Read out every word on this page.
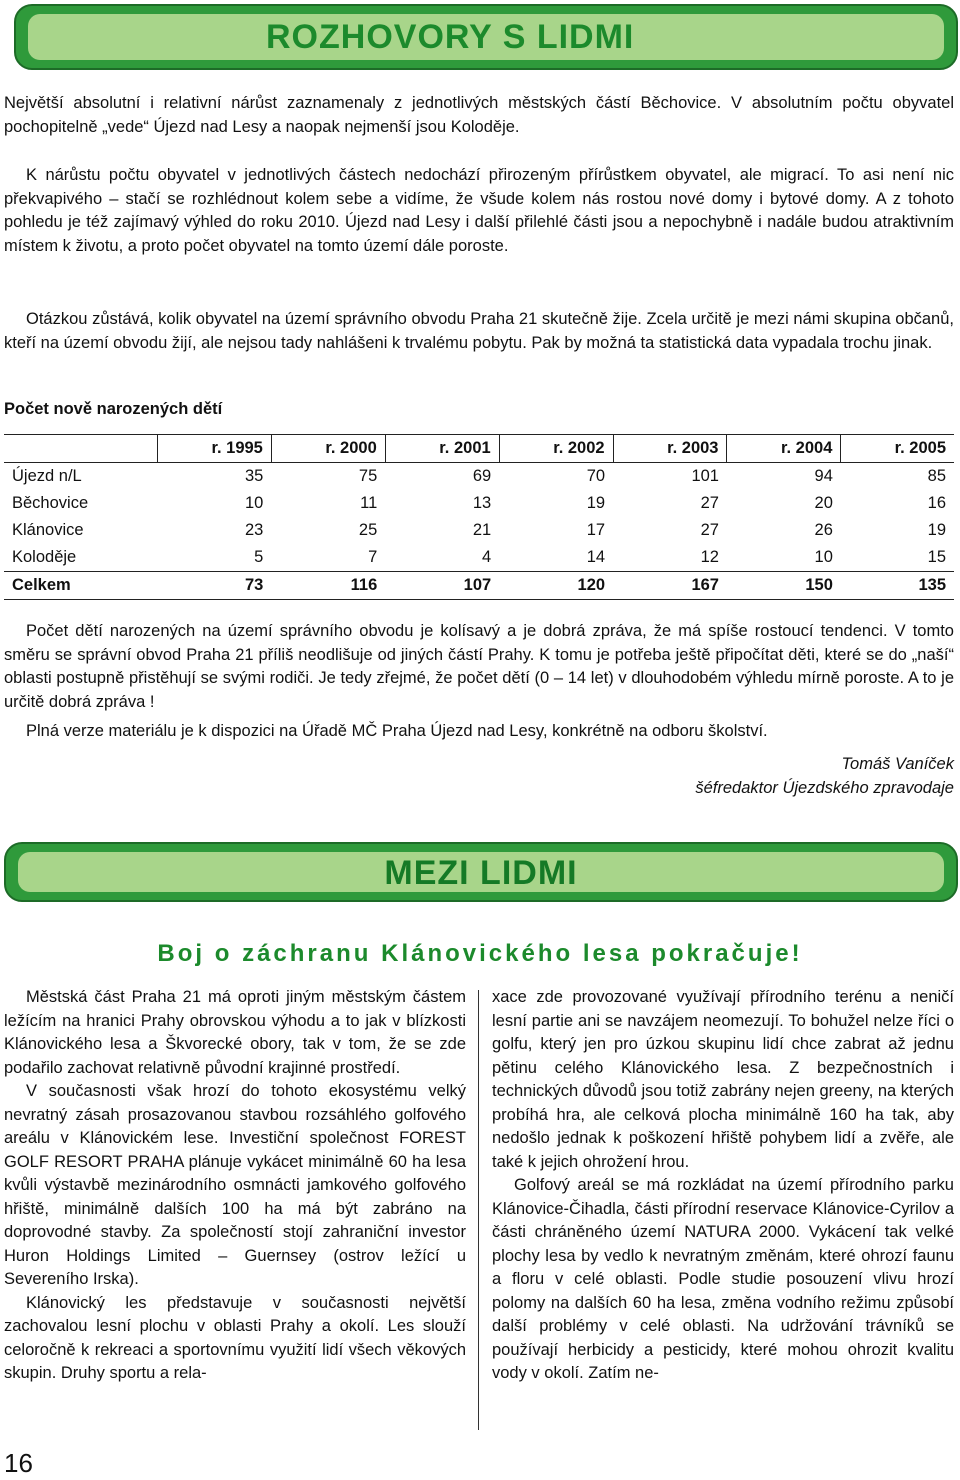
ROZHOVORY S LIDMI
Největší absolutní i relativní nárůst zaznamenaly z jednotlivých městských částí Běchovice. V absolutním počtu obyvatel pochopitelně „vede“ Újezd nad Lesy a naopak nejmenší jsou Koloděje.
K nárůstu počtu obyvatel v jednotlivých částech nedochází přirozeným přírůstkem obyvatel, ale migrací. To asi není nic překvapivého – stačí se rozhlédnout kolem sebe a vidíme, že všude kolem nás rostou nové domy i bytové domy. A z tohoto pohledu je též zajímavý výhled do roku 2010. Újezd nad Lesy i další přilehlé části jsou a nepochybně i nadále budou atraktivním místem k životu, a proto počet obyvatel na tomto území dále poroste.
Otázkou zůstává, kolik obyvatel na území správního obvodu Praha 21 skutečně žije. Zcela určitě je mezi námi skupina občanů, kteří na území obvodu žijí, ale nejsou tady nahlášeni k trvalému pobytu. Pak by možná ta statistická data vypadala trochu jinak.
Počet nově narozených dětí
	r. 1995	r. 2000	r. 2001	r. 2002	r. 2003	r. 2004	r. 2005
Újezd n/L	35	75	69	70	101	94	85
Běchovice	10	11	13	19	27	20	16
Klánovice	23	25	21	17	27	26	19
Koloděje	5	7	4	14	12	10	15
Celkem	73	116	107	120	167	150	135
Počet dětí narozených na území správního obvodu je kolísavý a je dobrá zpráva, že má spíše rostoucí tendenci. V tomto směru se správní obvod Praha 21 příliš neodlišuje od jiných částí Prahy. K tomu je potřeba ještě připočítat děti, které se do „naší“ oblasti postupně přistěhují se svými rodiči. Je tedy zřejmé, že počet dětí (0 – 14 let) v dlouhodobém výhledu mírně poroste. A to je určitě dobrá zpráva !
Plná verze materiálu je k dispozici na Úřadě MČ Praha Újezd nad Lesy, konkrétně na odboru školství.
Tomáš Vaníček
šéfredaktor Újezdského zpravodaje
MEZI LIDMI
Boj o záchranu Klánovického lesa pokračuje!

Městská část Praha 21 má oproti jiným městským částem ležícím na hranici Prahy obrovskou výhodu a to jak v blízkosti Klánovického lesa a Škvorecké obory, tak v tom, že se zde podařilo zachovat relativně původní krajinné prostředí.

V současnosti však hrozí do tohoto ekosystému velký nevratný zásah prosazovanou stavbou rozsáhlého golfového areálu v Klánovickém lese. Investiční společnost FOREST GOLF RESORT PRAHA plánuje vykácet minimálně 60 ha lesa kvůli výstavbě mezinárodního osmnácti jamkového golfového hřiště, minimálně dalších 100 ha má být zabráno na doprovodné stavby. Za společností stojí zahraniční investor Huron Holdings Limited – Guernsey (ostrov ležící u Severeního Irska).

Klánovický les představuje v současnosti největší zachovalou lesní plochu v oblasti Prahy a okolí. Les slouží celoročně k rekreaci a sportovnímu využití lidí všech věkových skupin. Druhy sportu a rela-

xace zde provozované využívají přírodního terénu a neničí lesní partie ani se navzájem neomezují. To bohužel nelze říci o golfu, který jen pro úzkou skupinu lidí chce zabrat až jednu pětinu celého Klánovického lesa. Z bezpečnostních i technických důvodů jsou totiž zabrány nejen greeny, na kterých probíhá hra, ale celková plocha minimálně 160 ha tak, aby nedošlo jednak k poškození hřiště pohybem lidí a zvěře, ale také k jejich ohrožení hrou.

Golfový areál se má rozkládat na území přírodního parku Klánovice-Čihadla, části přírodní reservace Klánovice-Cyrilov a části chráněného území NATURA 2000. Vykácení tak velké plochy lesa by vedlo k nevratným změnám, které ohrozí faunu a floru v celé oblasti. Podle studie posouzení vlivu hrozí polomy na dalších 60 ha lesa, změna vodního režimu způsobí další problémy v celé oblasti. Na udržování trávníků se používají herbicidy a pesticidy, které mohou ohrozit kvalitu vody v okolí. Zatím ne-

16
